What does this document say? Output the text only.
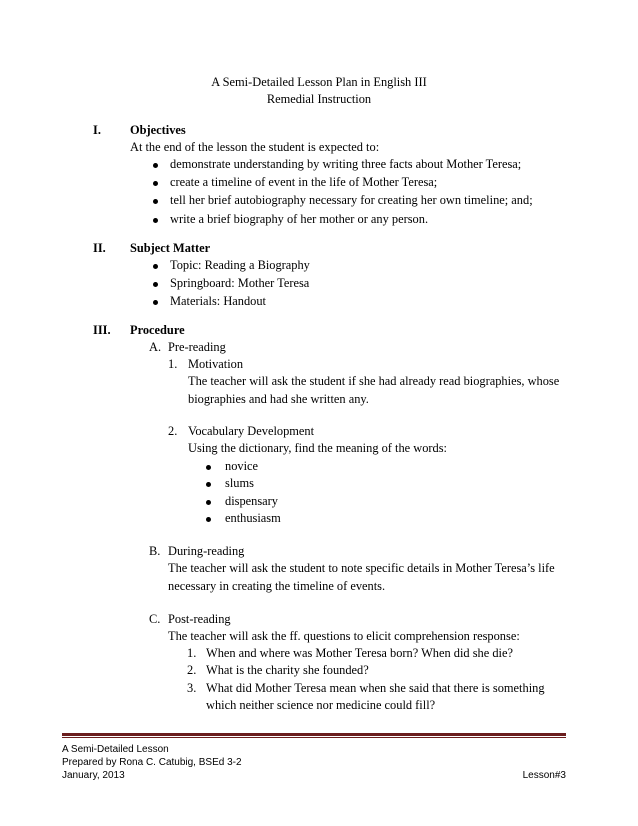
A Semi-Detailed Lesson Plan in English III
Remedial Instruction
I. Objectives
At the end of the lesson the student is expected to:
demonstrate understanding by writing three facts about Mother Teresa;
create a timeline of event in the life of Mother Teresa;
tell her brief autobiography necessary for creating her own timeline; and;
write a brief biography of her mother or any person.
II. Subject Matter
Topic: Reading a Biography
Springboard: Mother Teresa
Materials: Handout
III. Procedure
A. Pre-reading
1. Motivation
The teacher will ask the student if she had already read biographies, whose
biographies and had she written any.
2. Vocabulary Development
Using the dictionary, find the meaning of the words:
novice
slums
dispensary
enthusiasm
B. During-reading
The teacher will ask the student to note specific details in Mother Teresa’s life
necessary in creating the timeline of events.
C. Post-reading
The teacher will ask the ff. questions to elicit comprehension response:
1. When and where was Mother Teresa born? When did she die?
2. What is the charity she founded?
3. What did Mother Teresa mean when she said that there is something
which neither science nor medicine could fill?
A Semi-Detailed Lesson
Prepared by Rona C. Catubig, BSEd 3-2
January, 2013	Lesson#3
